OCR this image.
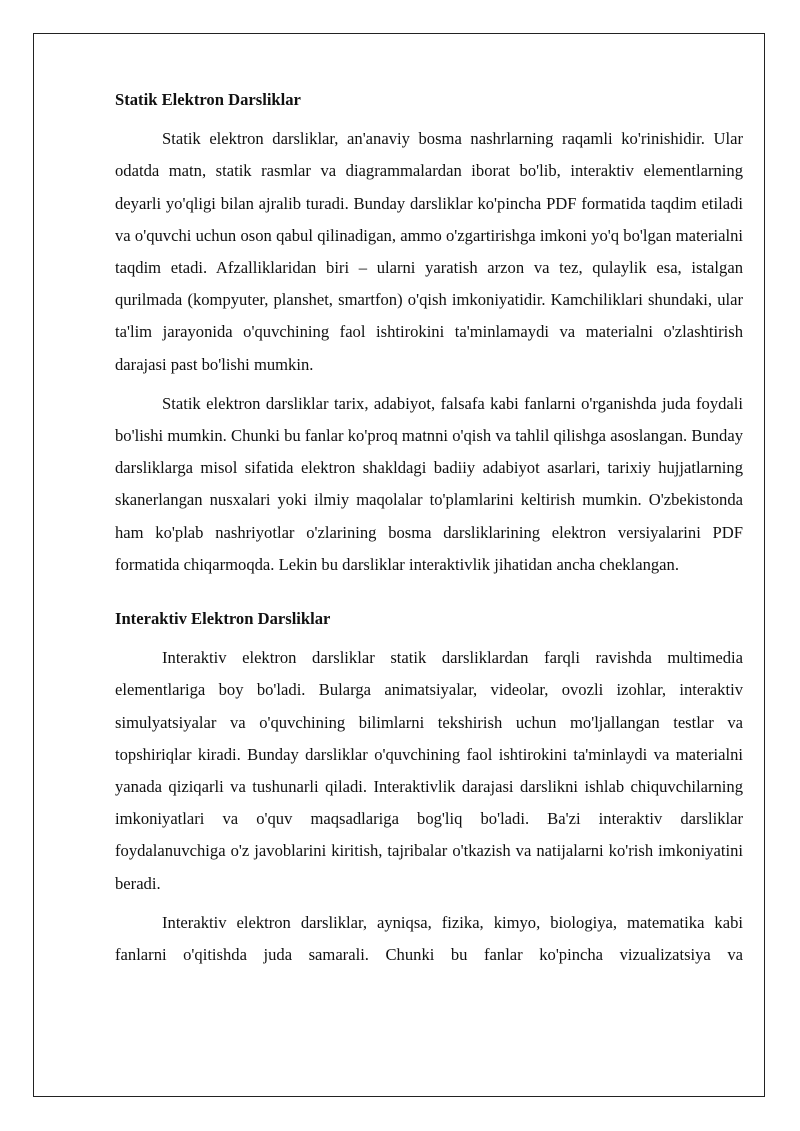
Statik Elektron Darsliklar

Statik elektron darsliklar, an'anaviy bosma nashrlarning raqamli ko'rinishidir. Ular odatda matn, statik rasmlar va diagrammalardan iborat bo'lib, interaktiv elementlarning deyarli yo'qligi bilan ajralib turadi. Bunday darsliklar ko'pincha PDF formatida taqdim etiladi va o'quvchi uchun oson qabul qilinadigan, ammo o'zgartirishga imkoni yo'q bo'lgan materialni taqdim etadi. Afzalliklaridan biri – ularni yaratish arzon va tez, qulaylik esa, istalgan qurilmada (kompyuter, planshet, smartfon) o'qish imkoniyatidir. Kamchiliklari shundaki, ular ta'lim jarayonida o'quvchining faol ishtirokini ta'minlamaydi va materialni o'zlashtirish darajasi past bo'lishi mumkin.

Statik elektron darsliklar tarix, adabiyot, falsafa kabi fanlarni o'rganishda juda foydali bo'lishi mumkin. Chunki bu fanlar ko'proq matnni o'qish va tahlil qilishga asoslangan. Bunday darsliklarga misol sifatida elektron shakldagi badiiy adabiyot asarlari, tarixiy hujjatlarning skanerlangan nusxalari yoki ilmiy maqolalar to'plamlarini keltirish mumkin. O'zbekistonda ham ko'plab nashriyotlar o'zlarining bosma darsliklarining elektron versiyalarini PDF formatida chiqarmoqda. Lekin bu darsliklar interaktivlik jihatidan ancha cheklangan.

Interaktiv Elektron Darsliklar

Interaktiv elektron darsliklar statik darsliklardan farqli ravishda multimedia elementlariga boy bo'ladi. Bularga animatsiyalar, videolar, ovozli izohlar, interaktiv simulyatsiyalar va o'quvchining bilimlarni tekshirish uchun mo'ljallangan testlar va topshiriqlar kiradi. Bunday darsliklar o'quvchining faol ishtirokini ta'minlaydi va materialni yanada qiziqarli va tushunarli qiladi. Interaktivlik darajasi darslikni ishlab chiquvchilarning imkoniyatlari va o'quv maqsadlariga bog'liq bo'ladi. Ba'zi interaktiv darsliklar foydalanuvchiga o'z javoblarini kiritish, tajribalar o'tkazish va natijalarni ko'rish imkoniyatini beradi.

Interaktiv elektron darsliklar, ayniqsa, fizika, kimyo, biologiya, matematika kabi fanlarni o'qitishda juda samarali. Chunki bu fanlar ko'pincha vizualizatsiya va
